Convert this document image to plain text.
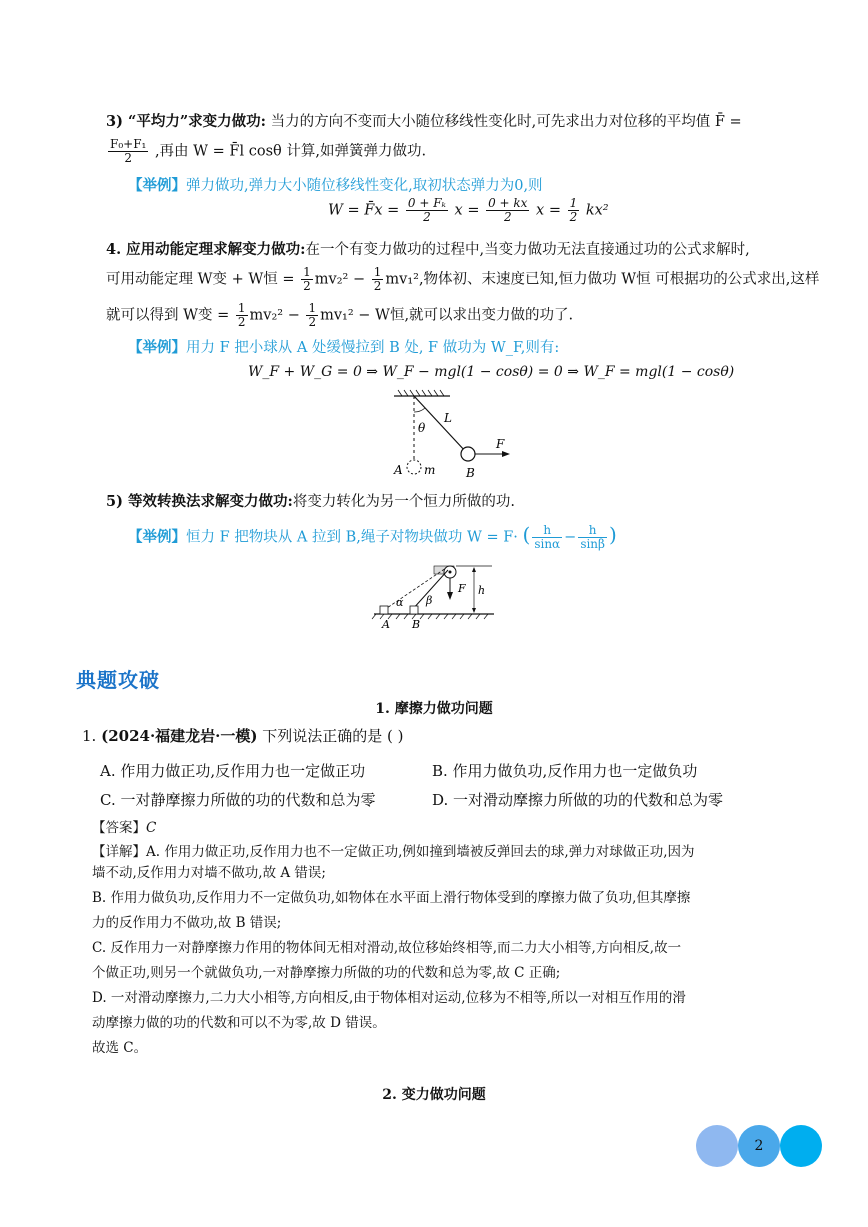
3) “平均力”求变力做功: 当力的方向不变而大小随位移线性变化时,可先求出力对位移的平均值 F̄ =
$\frac{\text{F₀+F₁}}{2}$ ,再由 W = F̄l cosθ 计算,如弹簧弹力做功.
【举例】弹力做功,弹力大小随位移线性变化,取初状态弹力为0,则
W = F̄x = $\frac{\text{0 + Fₖ}}{2}$ $x = \frac{0 + kx}{2}$ $x = \frac{1}{2} kx^2$
4. 应用动能定理求解变力做功:在一个有变力做功的过程中,当变力做功无法直接通过功的公式求解时,
可用动能定理 W变 + W恒 = $\frac{1}{2} mv_2^2 - \frac{1}{2} mv_1^2$,物体初、末速度已知,恒力做功 W恒 可根据功的公式求出,这样
就可以得到 W变 = $\frac{1}{2} mv_2^2 - \frac{1}{2} mv_1^2 - W$恒,就可以求出变力做的功了.
【举例】用力 F 把小球从 A 处缓慢拉到 B 处, F 做功为 W_F,则有:
W_F + W_G = 0 ⇒ W_F − mgl(1 − cosθ) = 0 ⇒ W_F = mgl(1 − cosθ)
θ
L
F
A m	B
5) 等效转换法求解变力做功:将变力转化为另一个恒力所做的功.
【举例】恒力 F 把物块从 A 拉到 B,绳子对物块做功 W = F· ( $\frac{h}{\sin\alpha} - \frac{h}{\sin\beta}$ )
α β
F h
A B
典题攻破
1. 摩擦力做功问题
1. (2024·福建龙岩·一模) 下列说法正确的是 ( )
A. 作用力做正功,反作用力也一定做正功	B. 作用力做负功,反作用力也一定做负功
C. 一对静摩擦力所做的功的代数和总为零	D. 一对滑动摩擦力所做的功的代数和总为零
【答案】C
【详解】A. 作用力做正功,反作用力也不一定做正功,例如撞到墙被反弹回去的球,弹力对球做正功,因为
墙不动,反作用力对墙不做功,故 A 错误;
B. 作用力做负功,反作用力不一定做负功,如物体在水平面上滑行物体受到的摩擦力做了负功,但其摩擦
力的反作用力不做功,故 B 错误;
C. 反作用力一对静摩擦力作用的物体间无相对滑动,故位移始终相等,而二力大小相等,方向相反,故一
个做正功,则另一个就做负功,一对静摩擦力所做的功的代数和总为零,故 C 正确;
D. 一对滑动摩擦力,二力大小相等,方向相反,由于物体相对运动,位移为不相等,所以一对相互作用的滑
动摩擦力做的功的代数和可以不为零,故 D 错误。
故选 C。
2. 变力做功问题
2
